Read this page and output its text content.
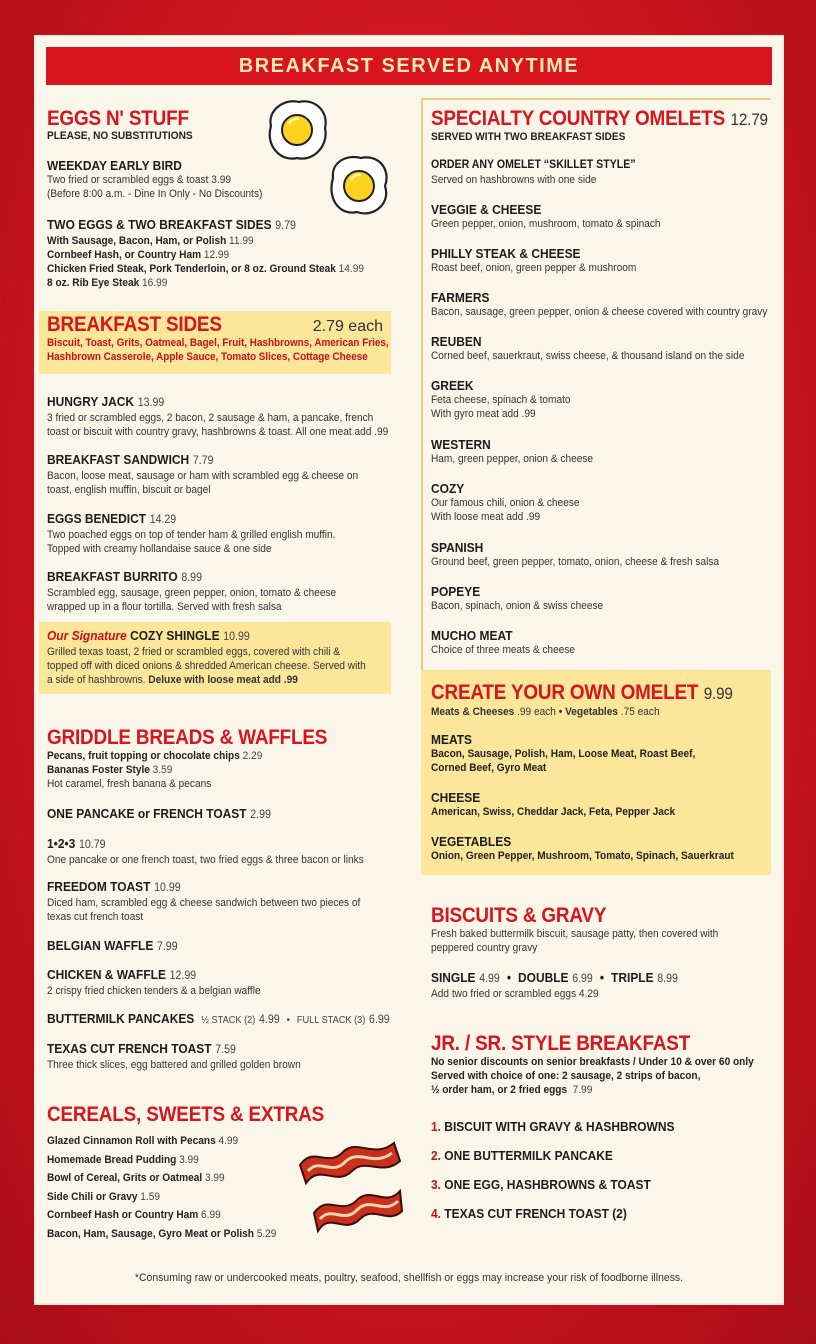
BREAKFAST SERVED ANYTIME
EGGS N' STUFF
PLEASE, NO SUBSTITUTIONS
WEEKDAY EARLY BIRD
Two fried or scrambled eggs & toast 3.99
(Before 8:00 a.m. - Dine In Only - No Discounts)
TWO EGGS & TWO BREAKFAST SIDES 9.79
With Sausage, Bacon, Ham, or Polish 11.99
Cornbeef Hash, or Country Ham 12.99
Chicken Fried Steak, Pork Tenderloin, or 8 oz. Ground Steak 14.99
8 oz. Rib Eye Steak 16.99
BREAKFAST SIDES	2.79 each
Biscuit, Toast, Grits, Oatmeal, Bagel, Fruit, Hashbrowns, American Fries,
Hashbrown Casserole, Apple Sauce, Tomato Slices, Cottage Cheese
HUNGRY JACK 13.99
3 fried or scrambled eggs, 2 bacon, 2 sausage & ham, a pancake, french
toast or biscuit with country gravy, hashbrowns & toast. All one meat add .99
BREAKFAST SANDWICH 7.79
Bacon, loose meat, sausage or ham with scrambled egg & cheese on
toast, english muffin, biscuit or bagel
EGGS BENEDICT 14.29
Two poached eggs on top of tender ham & grilled english muffin.
Topped with creamy hollandaise sauce & one side
BREAKFAST BURRITO 8.99
Scrambled egg, sausage, green pepper, onion, tomato & cheese
wrapped up in a flour tortilla. Served with fresh salsa
Our Signature COZY SHINGLE 10.99
Grilled texas toast, 2 fried or scrambled eggs, covered with chili &
topped off with diced onions & shredded American cheese. Served with
a side of hashbrowns. Deluxe with loose meat add .99
GRIDDLE BREADS & WAFFLES
Pecans, fruit topping or chocolate chips 2.29
Bananas Foster Style 3.59
Hot caramel, fresh banana & pecans
ONE PANCAKE or FRENCH TOAST 2.99
1•2•3 10.79
One pancake or one french toast, two fried eggs & three bacon or links
FREEDOM TOAST 10.99
Diced ham, scrambled egg & cheese sandwich between two pieces of
texas cut french toast
BELGIAN WAFFLE 7.99
CHICKEN & WAFFLE 12.99
2 crispy fried chicken tenders & a belgian waffle
BUTTERMILK PANCAKES ½ STACK (2) 4.99 • FULL STACK (3) 6.99
TEXAS CUT FRENCH TOAST 7.59
Three thick slices, egg battered and grilled golden brown
CEREALS, SWEETS & EXTRAS
Glazed Cinnamon Roll with Pecans 4.99
Homemade Bread Pudding 3.99
Bowl of Cereal, Grits or Oatmeal 3.99
Side Chili or Gravy 1.59
Cornbeef Hash or Country Ham 6.99
Bacon, Ham, Sausage, Gyro Meat or Polish 5.29
SPECIALTY COUNTRY OMELETS 12.79
SERVED WITH TWO BREAKFAST SIDES
ORDER ANY OMELET “SKILLET STYLE”
Served on hashbrowns with one side
VEGGIE & CHEESE
Green pepper, onion, mushroom, tomato & spinach
PHILLY STEAK & CHEESE
Roast beef, onion, green pepper & mushroom
FARMERS
Bacon, sausage, green pepper, onion & cheese covered with country gravy
REUBEN
Corned beef, sauerkraut, swiss cheese, & thousand island on the side
GREEK
Feta cheese, spinach & tomato
With gyro meat add .99
WESTERN
Ham, green pepper, onion & cheese
COZY
Our famous chili, onion & cheese
With loose meat add .99
SPANISH
Ground beef, green pepper, tomato, onion, cheese & fresh salsa
POPEYE
Bacon, spinach, onion & swiss cheese
MUCHO MEAT
Choice of three meats & cheese
CREATE YOUR OWN OMELET 9.99
Meats & Cheeses .99 each • Vegetables .75 each
MEATS
Bacon, Sausage, Polish, Ham, Loose Meat, Roast Beef,
Corned Beef, Gyro Meat
CHEESE
American, Swiss, Cheddar Jack, Feta, Pepper Jack
VEGETABLES
Onion, Green Pepper, Mushroom, Tomato, Spinach, Sauerkraut
BISCUITS & GRAVY
Fresh baked buttermilk biscuit, sausage patty, then covered with
peppered country gravy
SINGLE 4.99 • DOUBLE 6.99 • TRIPLE 8.99
Add two fried or scrambled eggs 4.29
JR. / SR. STYLE BREAKFAST
No senior discounts on senior breakfasts / Under 10 & over 60 only
Served with choice of one: 2 sausage, 2 strips of bacon,
½ order ham, or 2 fried eggs 7.99
1. BISCUIT WITH GRAVY & HASHBROWNS
2. ONE BUTTERMILK PANCAKE
3. ONE EGG, HASHBROWNS & TOAST
4. TEXAS CUT FRENCH TOAST (2)
*Consuming raw or undercooked meats, poultry, seafood, shellfish or eggs may increase your risk of foodborne illness.
